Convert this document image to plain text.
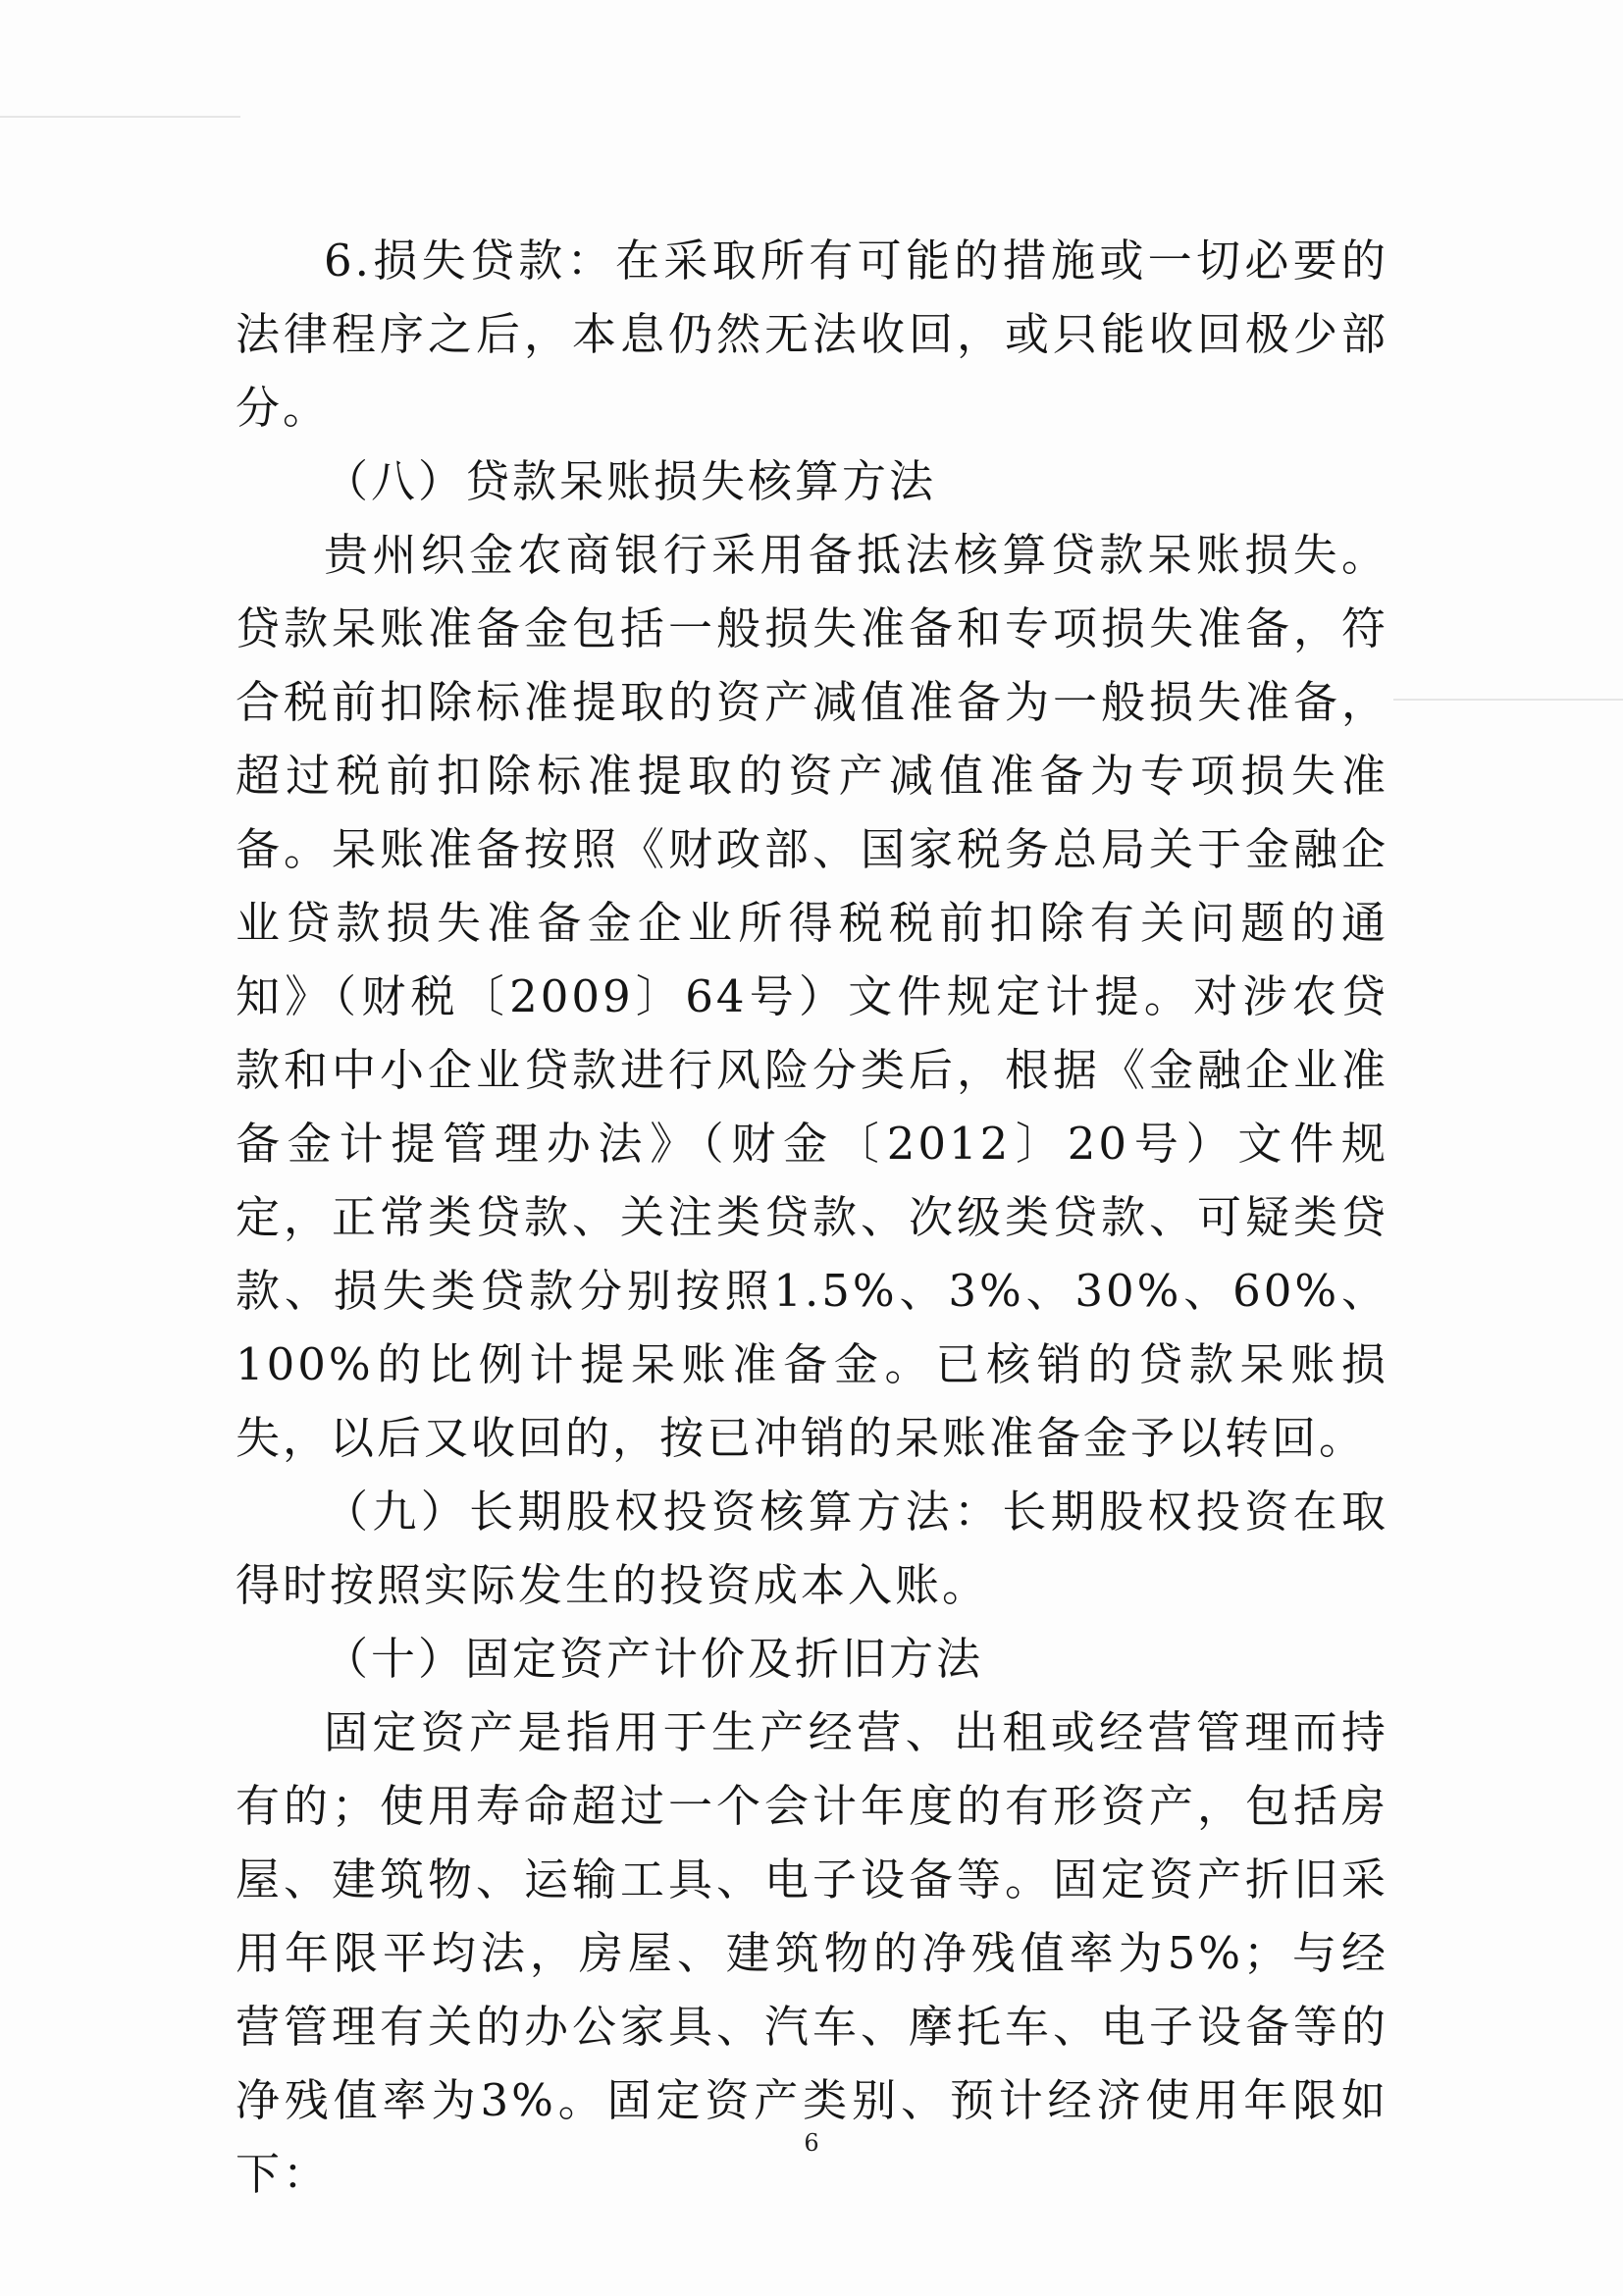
6.损失贷款：在采取所有可能的措施或一切必要的法律程序之后，本息仍然无法收回，或只能收回极少部分。

（八）贷款呆账损失核算方法

贵州织金农商银行采用备抵法核算贷款呆账损失。贷款呆账准备金包括一般损失准备和专项损失准备，符合税前扣除标准提取的资产减值准备为一般损失准备，超过税前扣除标准提取的资产减值准备为专项损失准备。呆账准备按照《财政部、国家税务总局关于金融企业贷款损失准备金企业所得税税前扣除有关问题的通知》（财税〔2009〕64号）文件规定计提。对涉农贷款和中小企业贷款进行风险分类后，根据《金融企业准备金计提管理办法》（财金〔2012〕20号）文件规定，正常类贷款、关注类贷款、次级类贷款、可疑类贷款、损失类贷款分别按照1.5%、3%、30%、60%、100%的比例计提呆账准备金。已核销的贷款呆账损失，以后又收回的，按已冲销的呆账准备金予以转回。

（九）长期股权投资核算方法：长期股权投资在取得时按照实际发生的投资成本入账。

（十）固定资产计价及折旧方法

固定资产是指用于生产经营、出租或经营管理而持有的；使用寿命超过一个会计年度的有形资产，包括房屋、建筑物、运输工具、电子设备等。固定资产折旧采用年限平均法，房屋、建筑物的净残值率为5%；与经营管理有关的办公家具、汽车、摩托车、电子设备等的净残值率为3%。固定资产类别、预计经济使用年限如下：

6
